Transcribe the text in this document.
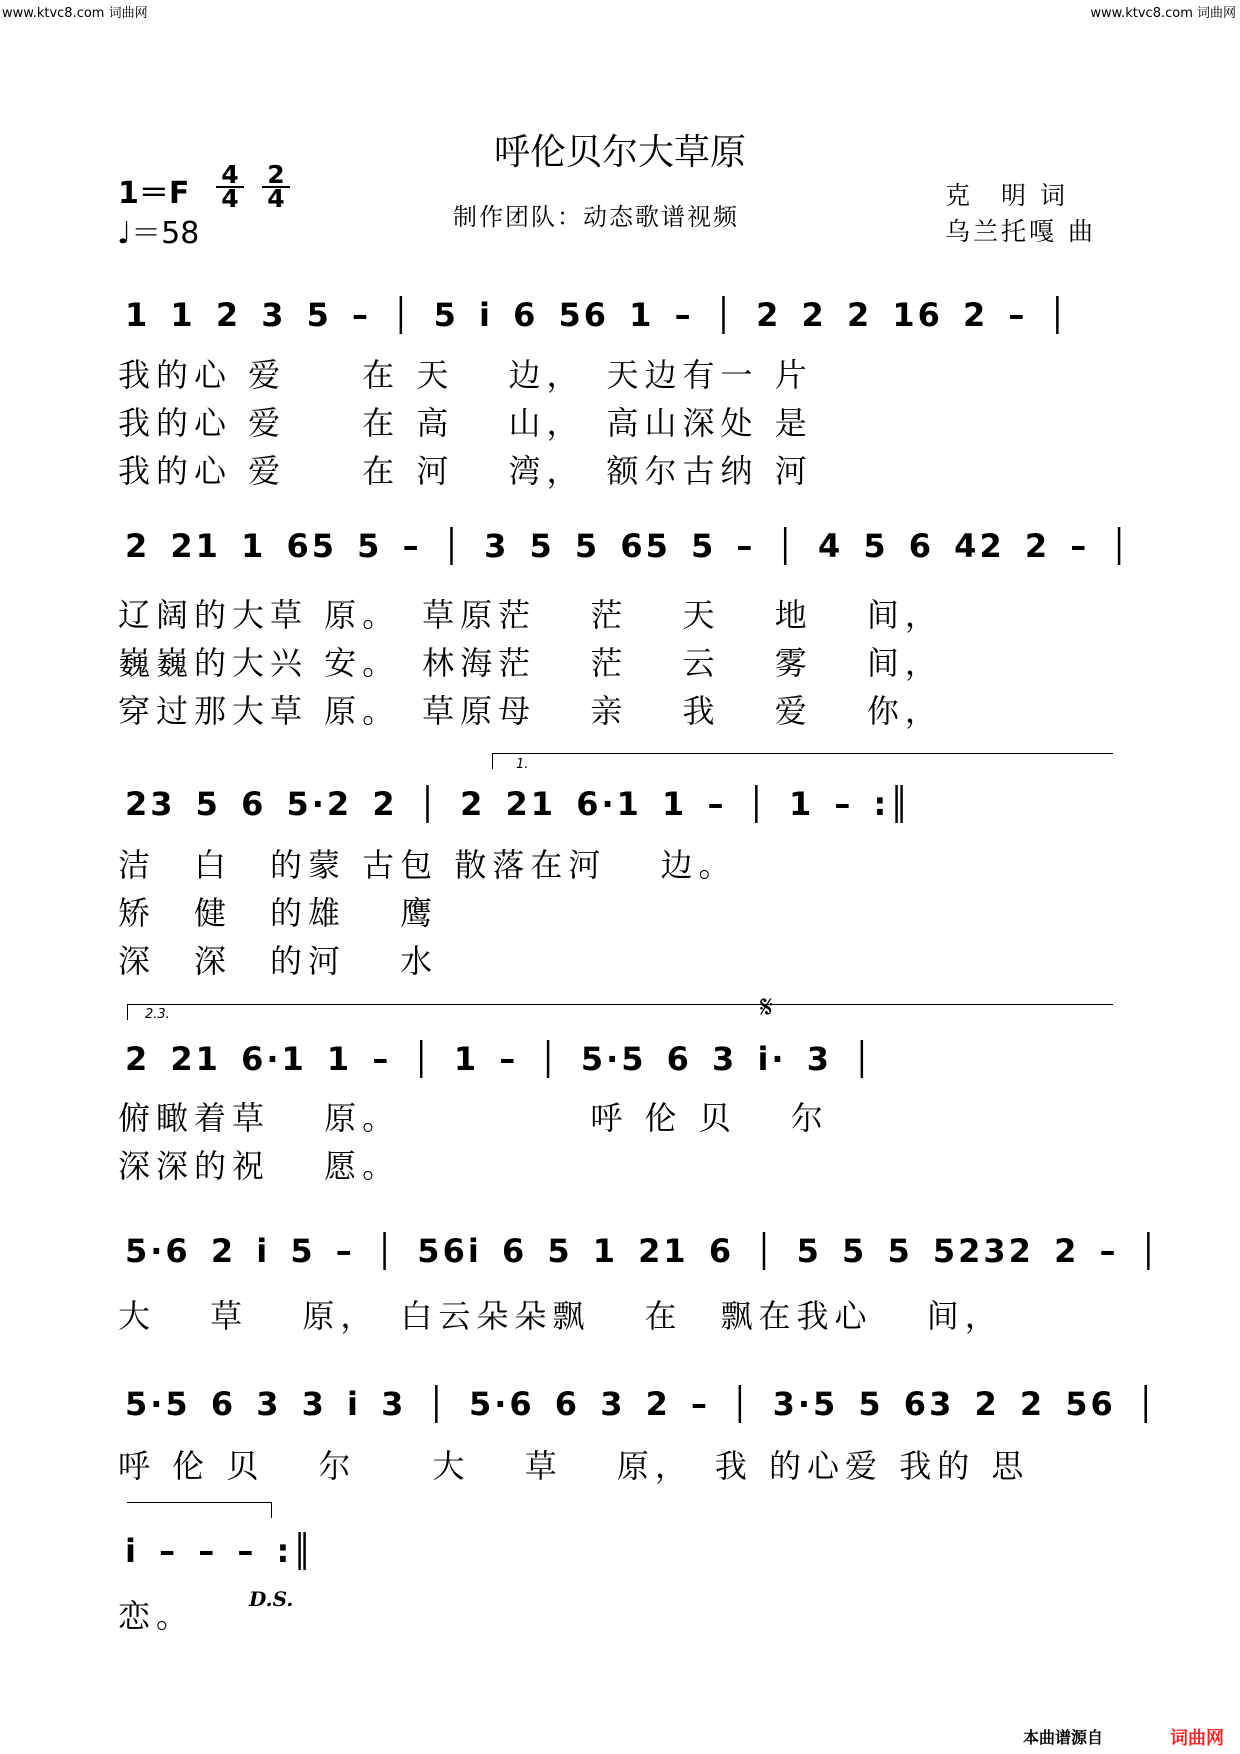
www.ktvc8.com 词曲网	www.ktvc8.com 词曲网
呼伦贝尔大草原
制作团队：动态歌谱视频
克　明 词
乌兰托嘎 曲
$1=F \frac{4}{4} \frac{2}{4}$
♩＝58
1 1 2 3 5 – │ 5 i 6 56 1 – │ 2 2 2 16 2 – │
我的心 爱　　在 天　 边，　天边有一 片
我的心 爱　　在 高　 山，　高山深处 是
我的心 爱　　在 河　 湾，　额尔古纳 河
2 21 1 65 5 – │ 3 5 5 65 5 – │ 4 5 6 42 2 – │
辽阔的大草 原。　草原茫　 茫　 天　 地　 间，
巍巍的大兴 安。　林海茫　 茫　 云　 雾　 间，
穿过那大草 原。　草原母　 亲　 我　 爱　 你，
1.
23 5 6 5·2 2 │ 2 21 6·1 1 – │ 1 – :║
洁　白　的蒙 古包 散落在河　 边。
矫　健　的雄　 鹰
深　深　的河　 水
2.3.	𝄋
2 21 6·1 1 – │ 1 – │ 5·5 6 3 i· 3 │
俯瞰着草　 原。　　　　　 呼 伦 贝　 尔
深深的祝　 愿。
5·6 2 i 5 – │ 56i 6 5 1 21 6 │ 5 5 5 5232 2 – │
大　 草　 原，　白云朵朵飘　 在　飘在我心　 间，
5·5 6 3 3 i 3 │ 5·6 6 3 2 – │ 3·5 5 63 2 2 56 │
呼 伦 贝　 尔　　大　 草　 原，　我 的心爱 我的 思
i – – – :║
恋。	D.S.
本曲谱源自	词曲网
